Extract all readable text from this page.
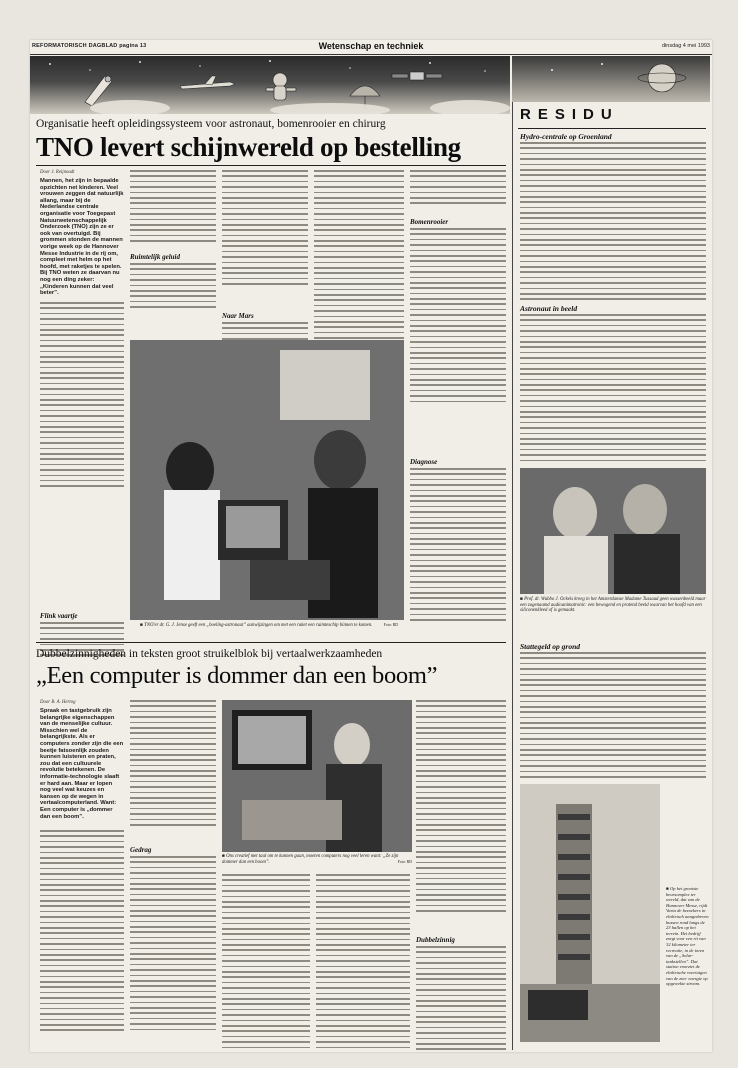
REFORMATORISCH DAGBLAD pagina 13	Wetenschap en techniek	dinsdag 4 mei 1993
Organisatie heeft opleidingssysteem voor astronaut, bomenrooier en chirurg
TNO levert schijnwereld op bestelling
Door J. Reijnoudt
Mannen, het zijn in bepaalde opzichten net kinderen. Veel vrouwen zeggen dat natuurlijk allang, maar bij de Nederlandse centrale organisatie voor Toegepast Natuurwetenschappelijk Onderzoek (TNO) zijn ze er ook van overtuigd. Bij grommen stonden de mannen vorige week op de Hannover Messe Industrie in de rij om, compleet met helm op het hoofd, met raketjes te spelen. Bij TNO weten ze daarvan nu nog een ding zeker: „Kinderen kunnen dat veel beter”.
Flink vaartje
Ruimtelijk geluid
Naar Mars
Bomenrooier
Diagnose
■ TNO'er dr. G. J. Jense geeft een „boeling-astronaut” aanwijzingen om met een raket een ruimteschip binnen te komen.	Foto: RD
RESIDU
Hydro-centrale op Groenland
Astronaut in beeld
■ Prof. dr. Wubbo J. Ockels kreeg in het Amsterdamse Madame Tussaud geen wassenbeeld maar een zogenaamd audioanimatronic: een bewogend en pratend beeld waarvan het hoofd van een siliconenkleed of is gemaakt.
Stattegeld op grond
■ Op het grootste beursomplex ter wereld, dat van de Hannover Messe, rijdt Varta de bezoekers in elektrisch aangedreven bussen rond langs de 23 hallen op het terrein. Het bedrijf zorgt voor een rit van 32 kilometer ter recreatie, in de toren van de „Solar-tankstellen”. Dat station voorziet de elektrische voertuigen van de zon- energie op opgewekte stroom.
Dubbelzinnigheden in teksten groot struikelblok bij vertaalwerkzaamheden
„Een computer is dommer dan een boom”
Door B. A. Hertog
Spraak en tastgebruik zijn belangrijke eigenschappen van de menselijke cultuur. Misschien wel de belangrijkste. Als er computers zonder zijn die een beetje fatsoenlijk zouden kunnen luisteren en praten, zou dat een cultuurele revolutie betekenen. De informatie-technologie slaaft er hard aan. Maar er lopen nog veel wat keuzes en kansen op de wegen in vertaalcomputerland. Want: Een computer is „dommer dan een boom”.
Gedrag
■ Ons creatief met taal om te kunnen gaan, moeten computers nog veel leren want: „Ze zijn dommer dan een boom”.	Foto: RD
Dubbelzinnig
